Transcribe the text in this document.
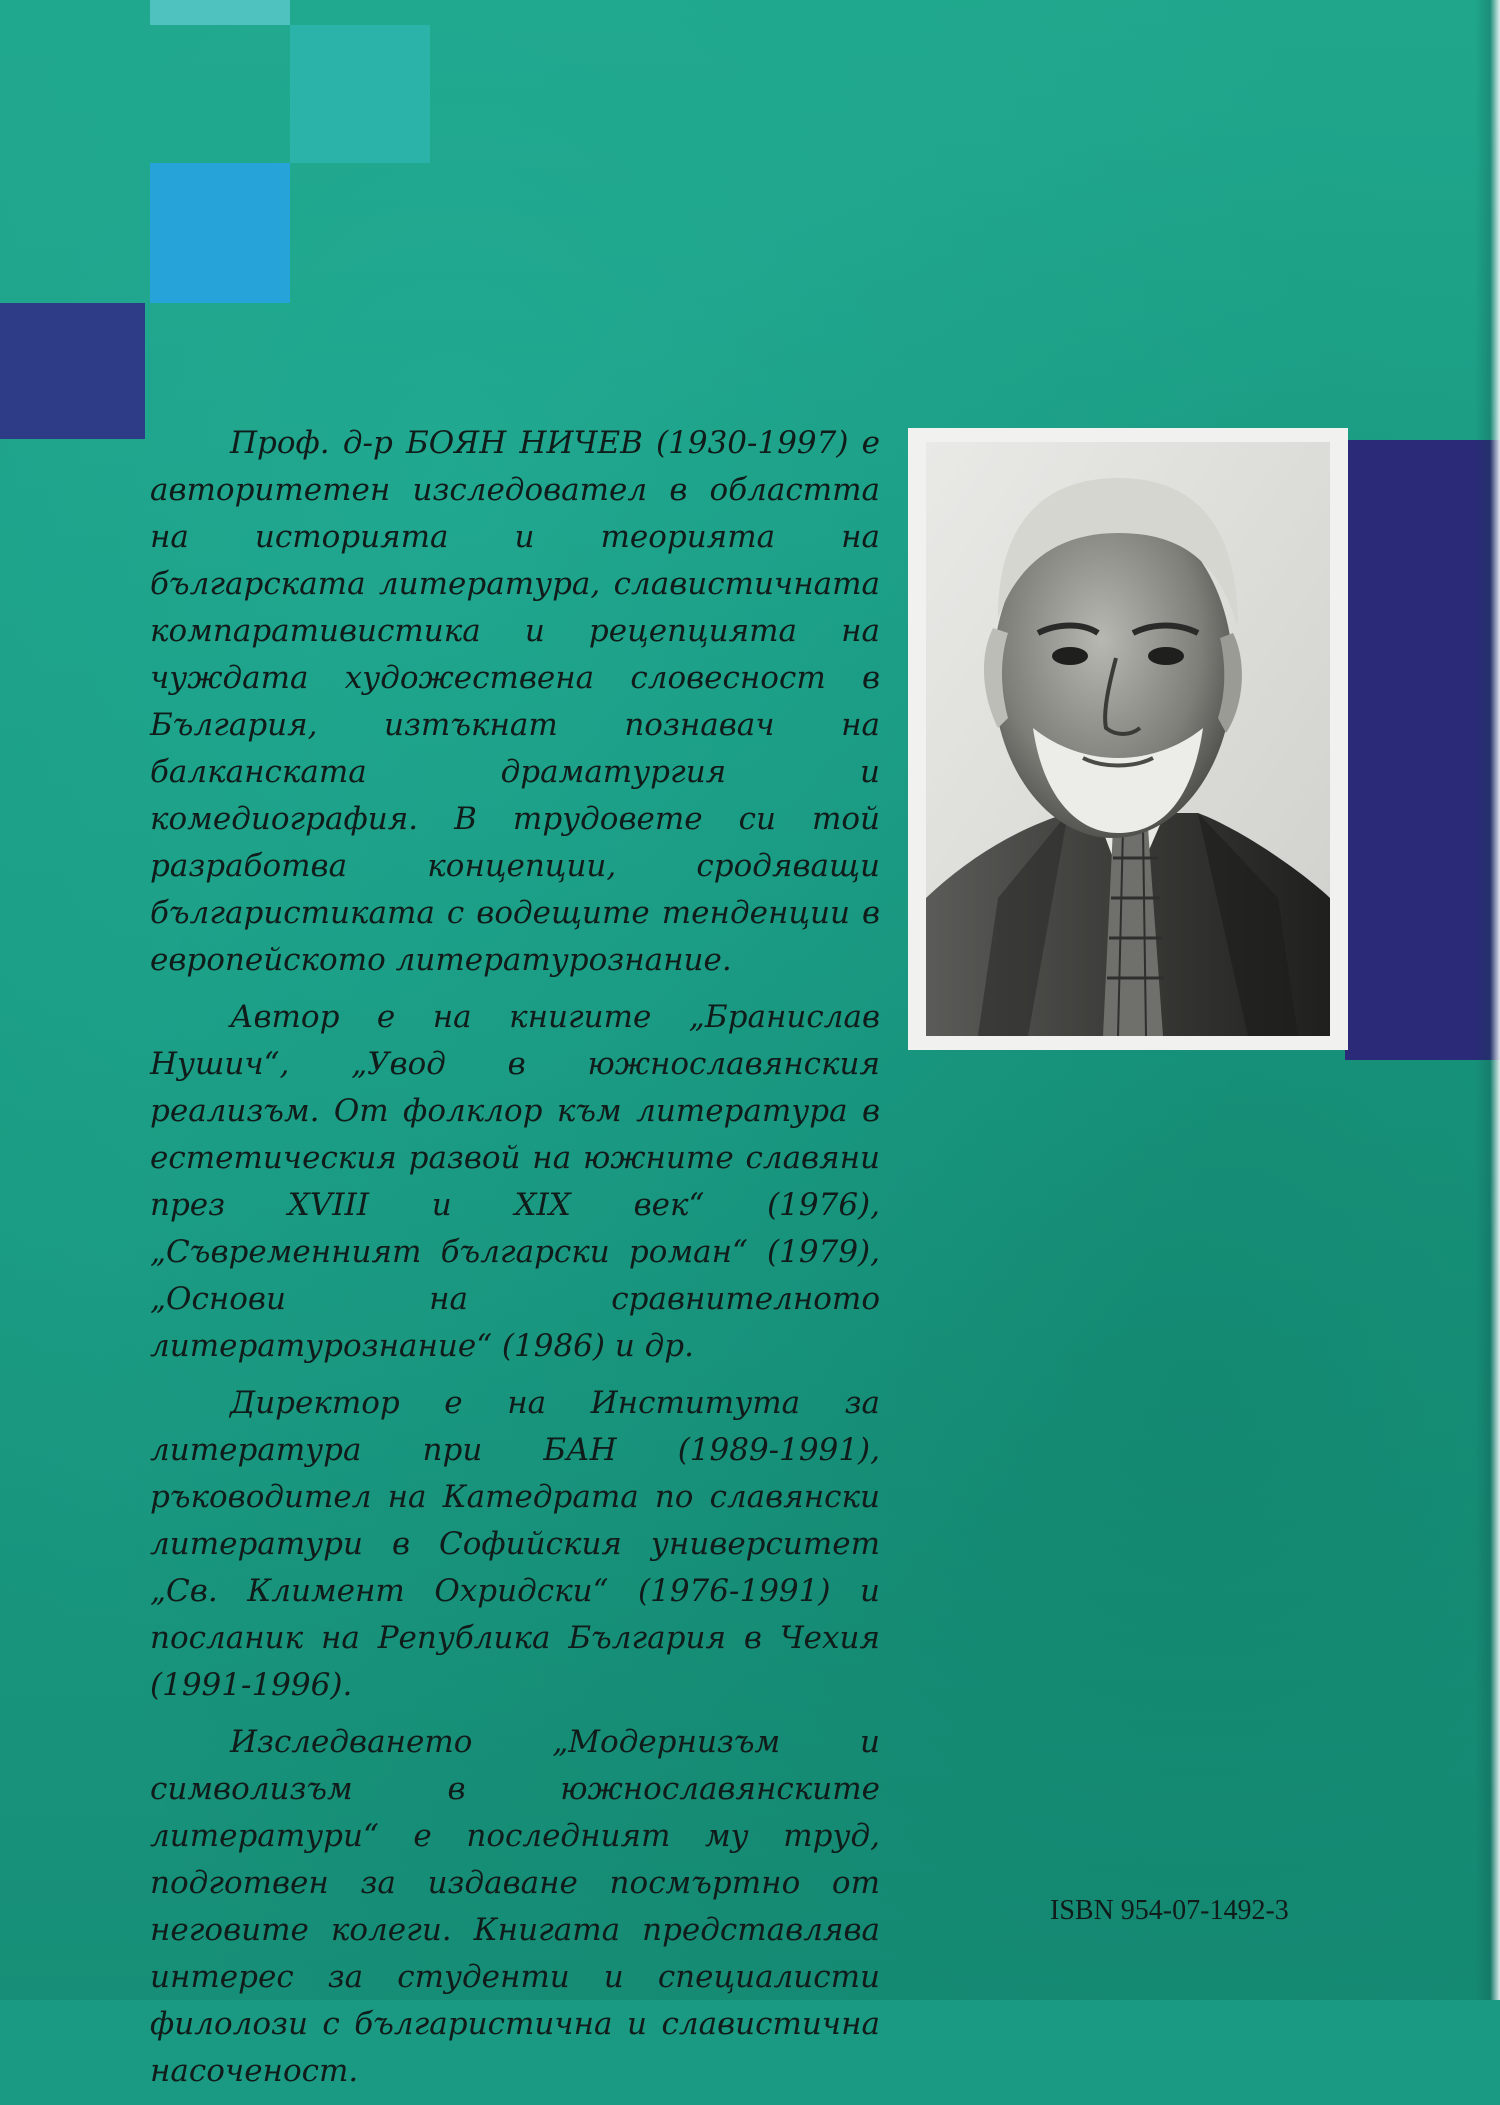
Проф. д-р БОЯН НИЧЕВ (1930-1997) е авторитетен изследовател в областта на историята и теорията на българската литература, славистичната компаративистика и рецепцията на чуждата художествена словесност в България, изтъкнат познавач на балканската драматургия и комедиография. В трудовете си той разработва концепции, сродяващи българистиката с водещите тенденции в европейското литературознание.

Автор е на книгите „Бранислав Нушич“, „Увод в южнославянския реализъм. От фолклор към литература в естетическия развой на южните славяни през XVIII и XIX век“ (1976), „Съвременният български роман“ (1979), „Основи на сравнителното литературознание“ (1986) и др.

Директор е на Института за литература при БАН (1989-1991), ръководител на Катедрата по славянски литератури в Софийския университет „Св. Климент Охридски“ (1976-1991) и посланик на Република България в Чехия (1991-1996).

Изследването „Модернизъм и символизъм в южнославянските литератури“ е последният му труд, подготвен за издаване посмъртно от неговите колеги. Книгата представлява интерес за студенти и специалисти филолози с българистична и славистична насоченост.

ISBN 954-07-1492-3
